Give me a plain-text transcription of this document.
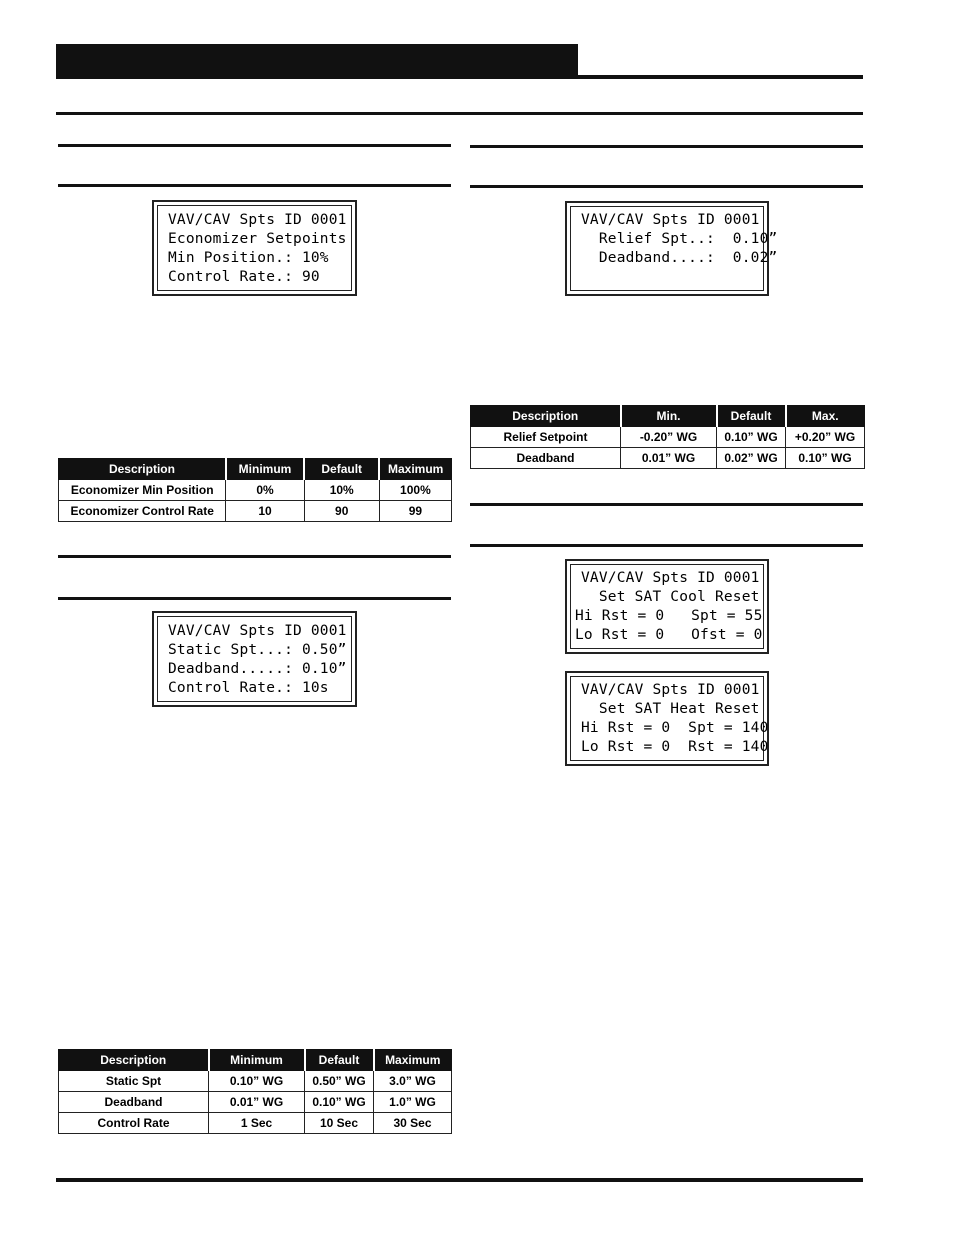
VAV/CAV Spts ID 0001
Economizer Setpoints
Min Position.: 10%
Control Rate.: 90
Description	Minimum	Default	Maximum
Economizer Min Position	0%	10%	100%
Economizer Control Rate	10	90	99
VAV/CAV Spts ID 0001
Static Spt...: 0.50”
Deadband.....: 0.10”
Control Rate.: 10s
Description	Minimum	Default	Maximum
Static Spt	0.10” WG	0.50” WG	3.0” WG
Deadband	0.01” WG	0.10” WG	1.0” WG
Control Rate	1 Sec	10 Sec	30 Sec
VAV/CAV Spts ID 0001
Relief Spt..:  0.10”
Deadband....:  0.02”
Description	Min.	Default	Max.
Relief Setpoint	-0.20” WG	0.10” WG	+0.20” WG
Deadband	0.01” WG	0.02” WG	0.10” WG
VAV/CAV Spts ID 0001
Set SAT Cool Reset
Hi Rst = 0   Spt = 55
Lo Rst = 0   Ofst = 0
VAV/CAV Spts ID 0001
Set SAT Heat Reset
Hi Rst = 0  Spt = 140
Lo Rst = 0  Rst = 140
